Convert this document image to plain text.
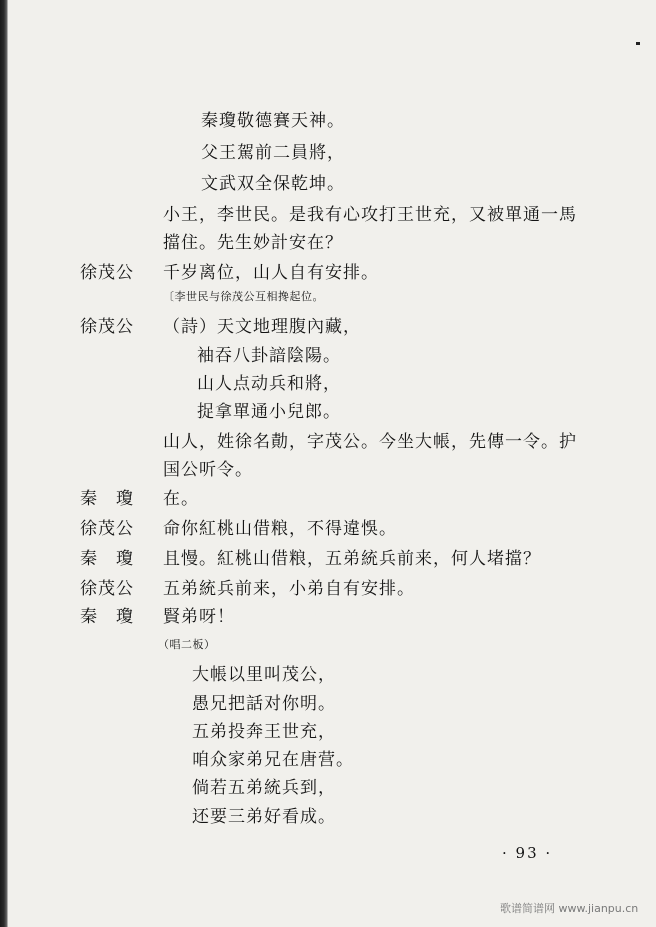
秦瓊敬德賽天神。
父王駕前二員將，
文武双全保乾坤。
小王，李世民。是我有心攻打王世充，又被單通一馬
擋住。先生妙計安在？
徐茂公 千岁离位，山人自有安排。
〔李世民与徐茂公互相搀起位。
徐茂公 （詩）天文地理腹內藏，
袖吞八卦諳陰陽。
山人点动兵和將，
捉拿單通小兒郎。
山人，姓徐名勣，字茂公。今坐大帳，先傳一令。护
国公听令。
秦　瓊 在。
徐茂公 命你紅桃山借粮，不得違悞。
秦　瓊 且慢。紅桃山借粮，五弟統兵前来，何人堵擋？
徐茂公 五弟統兵前来，小弟自有安排。
秦　瓊 賢弟呀！
（唱二板）
大帳以里叫茂公，
愚兄把話对你明。
五弟投奔王世充，
咱众家弟兄在唐营。
倘若五弟統兵到，
还要三弟好看成。
· 93 ·
歌谱简谱网 www.jianpu.cn
